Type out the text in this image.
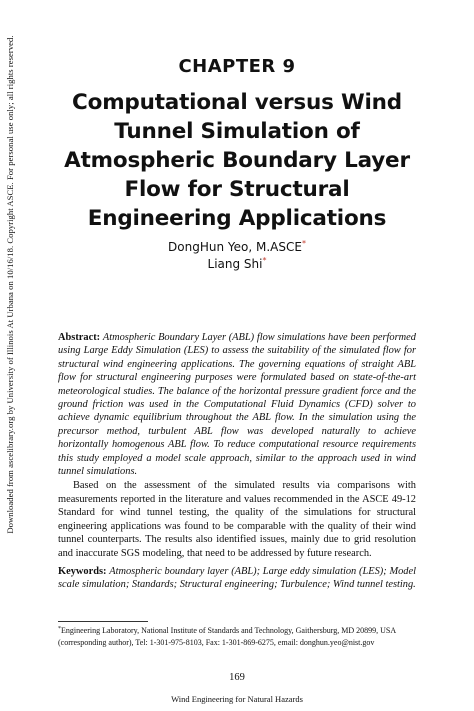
Downloaded from ascelibrary.org by University of Illinois At Urbana on 10/16/18. Copyright ASCE. For personal use only; all rights reserved.	CHAPTER 9
Computational versus Wind
Tunnel Simulation of
Atmospheric Boundary Layer
Flow for Structural
Engineering Applications
DongHun Yeo, M.ASCE*
Liang Shi*

Abstract: Atmospheric Boundary Layer (ABL) flow simulations have been performed using Large Eddy Simulation (LES) to assess the suitability of the simulated flow for structural wind engineering applications. The governing equations of straight ABL flow for structural engineering purposes were formulated based on state-of-the-art meteorological studies. The balance of the horizontal pressure gradient force and the ground friction was used in the Computational Fluid Dynamics (CFD) solver to achieve dynamic equilibrium throughout the ABL flow. In the simulation using the precursor method, turbulent ABL flow was developed naturally to achieve horizontally homogenous ABL flow. To reduce computational resource requirements this study employed a model scale approach, similar to the approach used in wind tunnel simulations.

Based on the assessment of the simulated results via comparisons with measurements reported in the literature and values recommended in the ASCE 49-12 Standard for wind tunnel testing, the quality of the simulations for structural engineering applications was found to be comparable with the quality of their wind tunnel counterparts. The results also identified issues, mainly due to grid resolution and inaccurate SGS modeling, that need to be addressed by future research.

Keywords: Atmospheric boundary layer (ABL); Large eddy simulation (LES); Model scale simulation; Standards; Structural engineering; Turbulence; Wind tunnel testing.
*Engineering Laboratory, National Institute of Standards and Technology, Gaithersburg, MD 20899, USA (corresponding author), Tel: 1-301-975-8103, Fax: 1-301-869-6275, email: donghun.yeo@nist.gov
169
Wind Engineering for Natural Hazards
